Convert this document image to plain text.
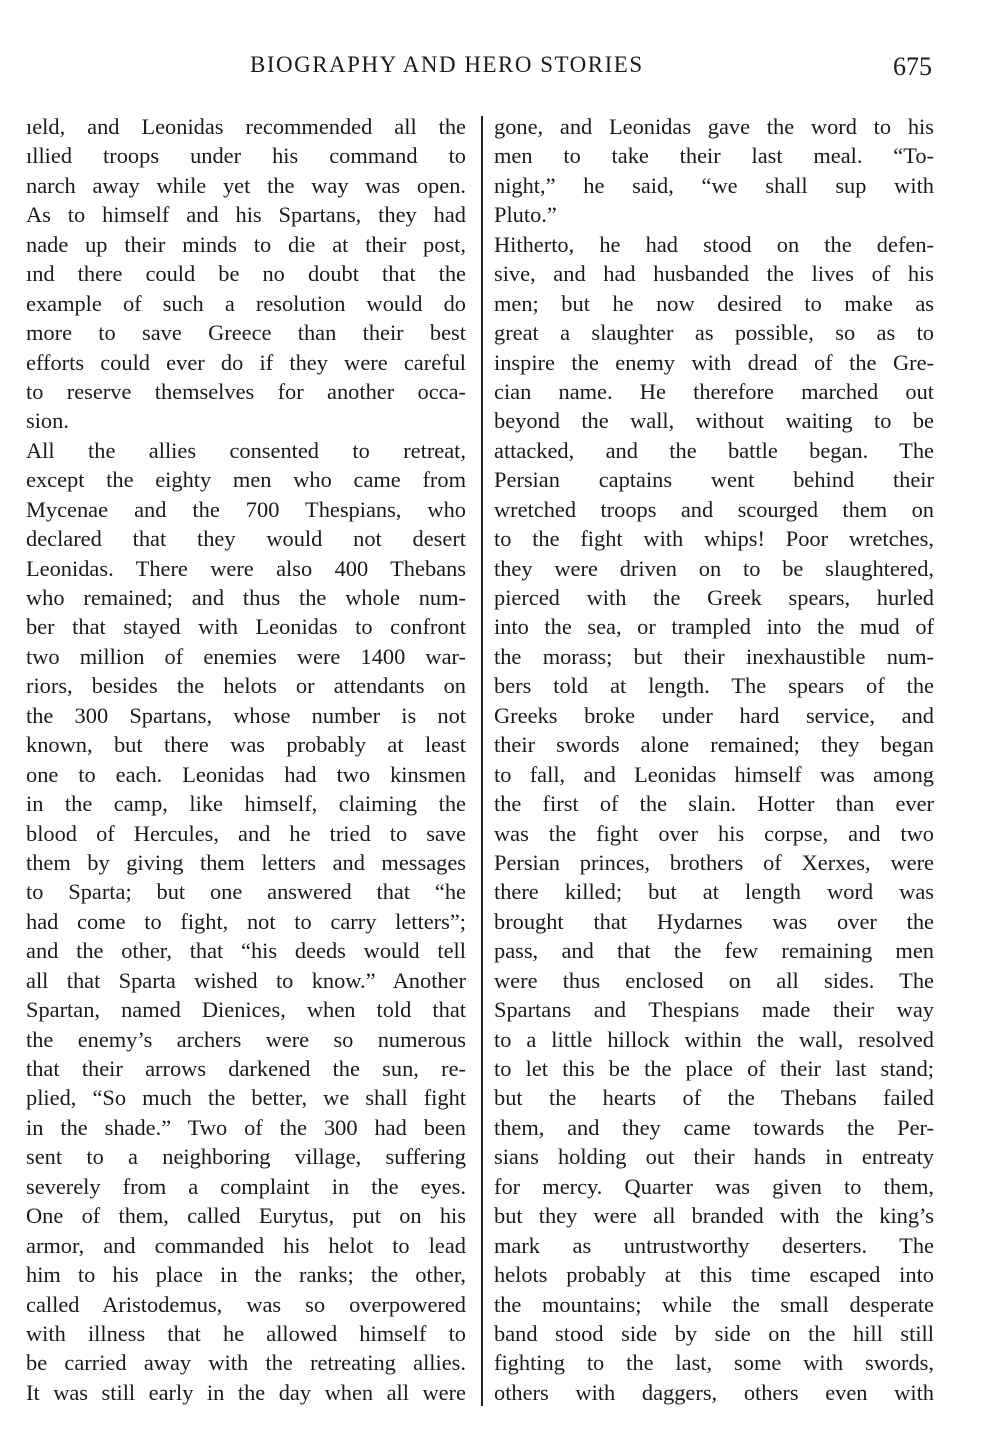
BIOGRAPHY AND HERO STORIES	675
ıeld, and Leonidas recommended all the
ıllied troops under his command to
narch away while yet the way was open.
As to himself and his Spartans, they had
nade up their minds to die at their post,
ınd there could be no doubt that the
example of such a resolution would do
more to save Greece than their best
efforts could ever do if they were careful
to reserve themselves for another occa-
sion.
All the allies consented to retreat,
except the eighty men who came from
Mycenae and the 700 Thespians, who
declared that they would not desert
Leonidas. There were also 400 Thebans
who remained; and thus the whole num-
ber that stayed with Leonidas to confront
two million of enemies were 1400 war-
riors, besides the helots or attendants on
the 300 Spartans, whose number is not
known, but there was probably at least
one to each. Leonidas had two kinsmen
in the camp, like himself, claiming the
blood of Hercules, and he tried to save
them by giving them letters and messages
to Sparta; but one answered that “he
had come to fight, not to carry letters”;
and the other, that “his deeds would tell
all that Sparta wished to know.” Another
Spartan, named Dienices, when told that
the enemy’s archers were so numerous
that their arrows darkened the sun, re-
plied, “So much the better, we shall fight
in the shade.” Two of the 300 had been
sent to a neighboring village, suffering
severely from a complaint in the eyes.
One of them, called Eurytus, put on his
armor, and commanded his helot to lead
him to his place in the ranks; the other,
called Aristodemus, was so overpowered
with illness that he allowed himself to
be carried away with the retreating allies.
It was still early in the day when all were
gone, and Leonidas gave the word to his
men to take their last meal. “To-
night,” he said, “we shall sup with
Pluto.”
Hitherto, he had stood on the defen-
sive, and had husbanded the lives of his
men; but he now desired to make as
great a slaughter as possible, so as to
inspire the enemy with dread of the Gre-
cian name. He therefore marched out
beyond the wall, without waiting to be
attacked, and the battle began. The
Persian captains went behind their
wretched troops and scourged them on
to the fight with whips! Poor wretches,
they were driven on to be slaughtered,
pierced with the Greek spears, hurled
into the sea, or trampled into the mud of
the morass; but their inexhaustible num-
bers told at length. The spears of the
Greeks broke under hard service, and
their swords alone remained; they began
to fall, and Leonidas himself was among
the first of the slain. Hotter than ever
was the fight over his corpse, and two
Persian princes, brothers of Xerxes, were
there killed; but at length word was
brought that Hydarnes was over the
pass, and that the few remaining men
were thus enclosed on all sides. The
Spartans and Thespians made their way
to a little hillock within the wall, resolved
to let this be the place of their last stand;
but the hearts of the Thebans failed
them, and they came towards the Per-
sians holding out their hands in entreaty
for mercy. Quarter was given to them,
but they were all branded with the king’s
mark as untrustworthy deserters. The
helots probably at this time escaped into
the mountains; while the small desperate
band stood side by side on the hill still
fighting to the last, some with swords,
others with daggers, others even with
